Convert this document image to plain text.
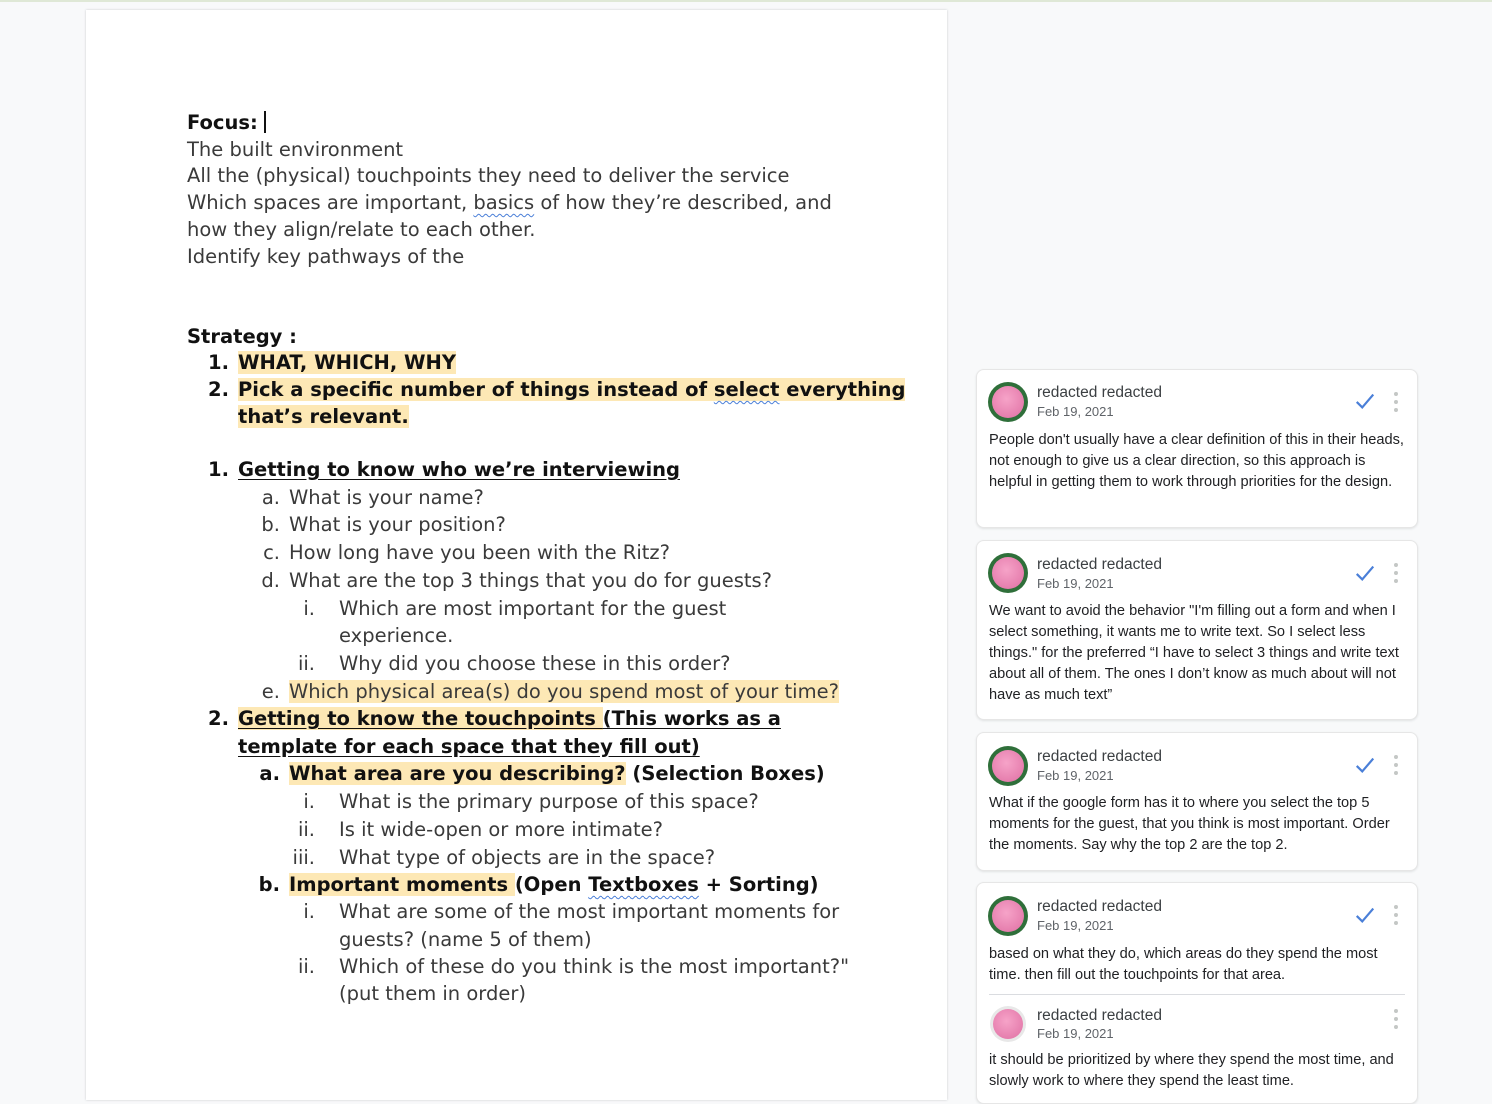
Focus:
The built environment
All the (physical) touchpoints they need to deliver the service
Which spaces are important, basics of how they’re described, and
how they align/relate to each other.
Identify key pathways of the
Strategy :
1. WHAT, WHICH, WHY
2. Pick a specific number of things instead of select everything
that’s relevant.
1. Getting to know who we’re interviewing
a. What is your name?
b. What is your position?
c. How long have you been with the Ritz?
d. What are the top 3 things that you do for guests?
i. Which are most important for the guest
experience.
ii. Why did you choose these in this order?
e. Which physical area(s) do you spend most of your time?
2. Getting to know the touchpoints (This works as a
template for each space that they fill out)
a. What area are you describing? (Selection Boxes)
i. What is the primary purpose of this space?
ii. Is it wide-open or more intimate?
iii. What type of objects are in the space?
b. Important moments (Open Textboxes + Sorting)
i. What are some of the most important moments for
guests? (name 5 of them)
ii. Which of these do you think is the most important?"
(put them in order)
redacted redacted
Feb 19, 2021
People don't usually have a clear definition of this in their heads, not enough to give us a clear direction, so this approach is helpful in getting them to work through priorities for the design.
redacted redacted
Feb 19, 2021
We want to avoid the behavior "I'm filling out a form and when I select something, it wants me to write text. So I select less things." for the preferred “I have to select 3 things and write text about all of them. The ones I don’t know as much about will not have as much text”
redacted redacted
Feb 19, 2021
What if the google form has it to where you select the top 5 moments for the guest, that you think is most important. Order the moments. Say why the top 2 are the top 2.
redacted redacted
Feb 19, 2021
based on what they do, which areas do they spend the most time. then fill out the touchpoints for that area.
redacted redacted
Feb 19, 2021
it should be prioritized by where they spend the most time, and slowly work to where they spend the least time.
